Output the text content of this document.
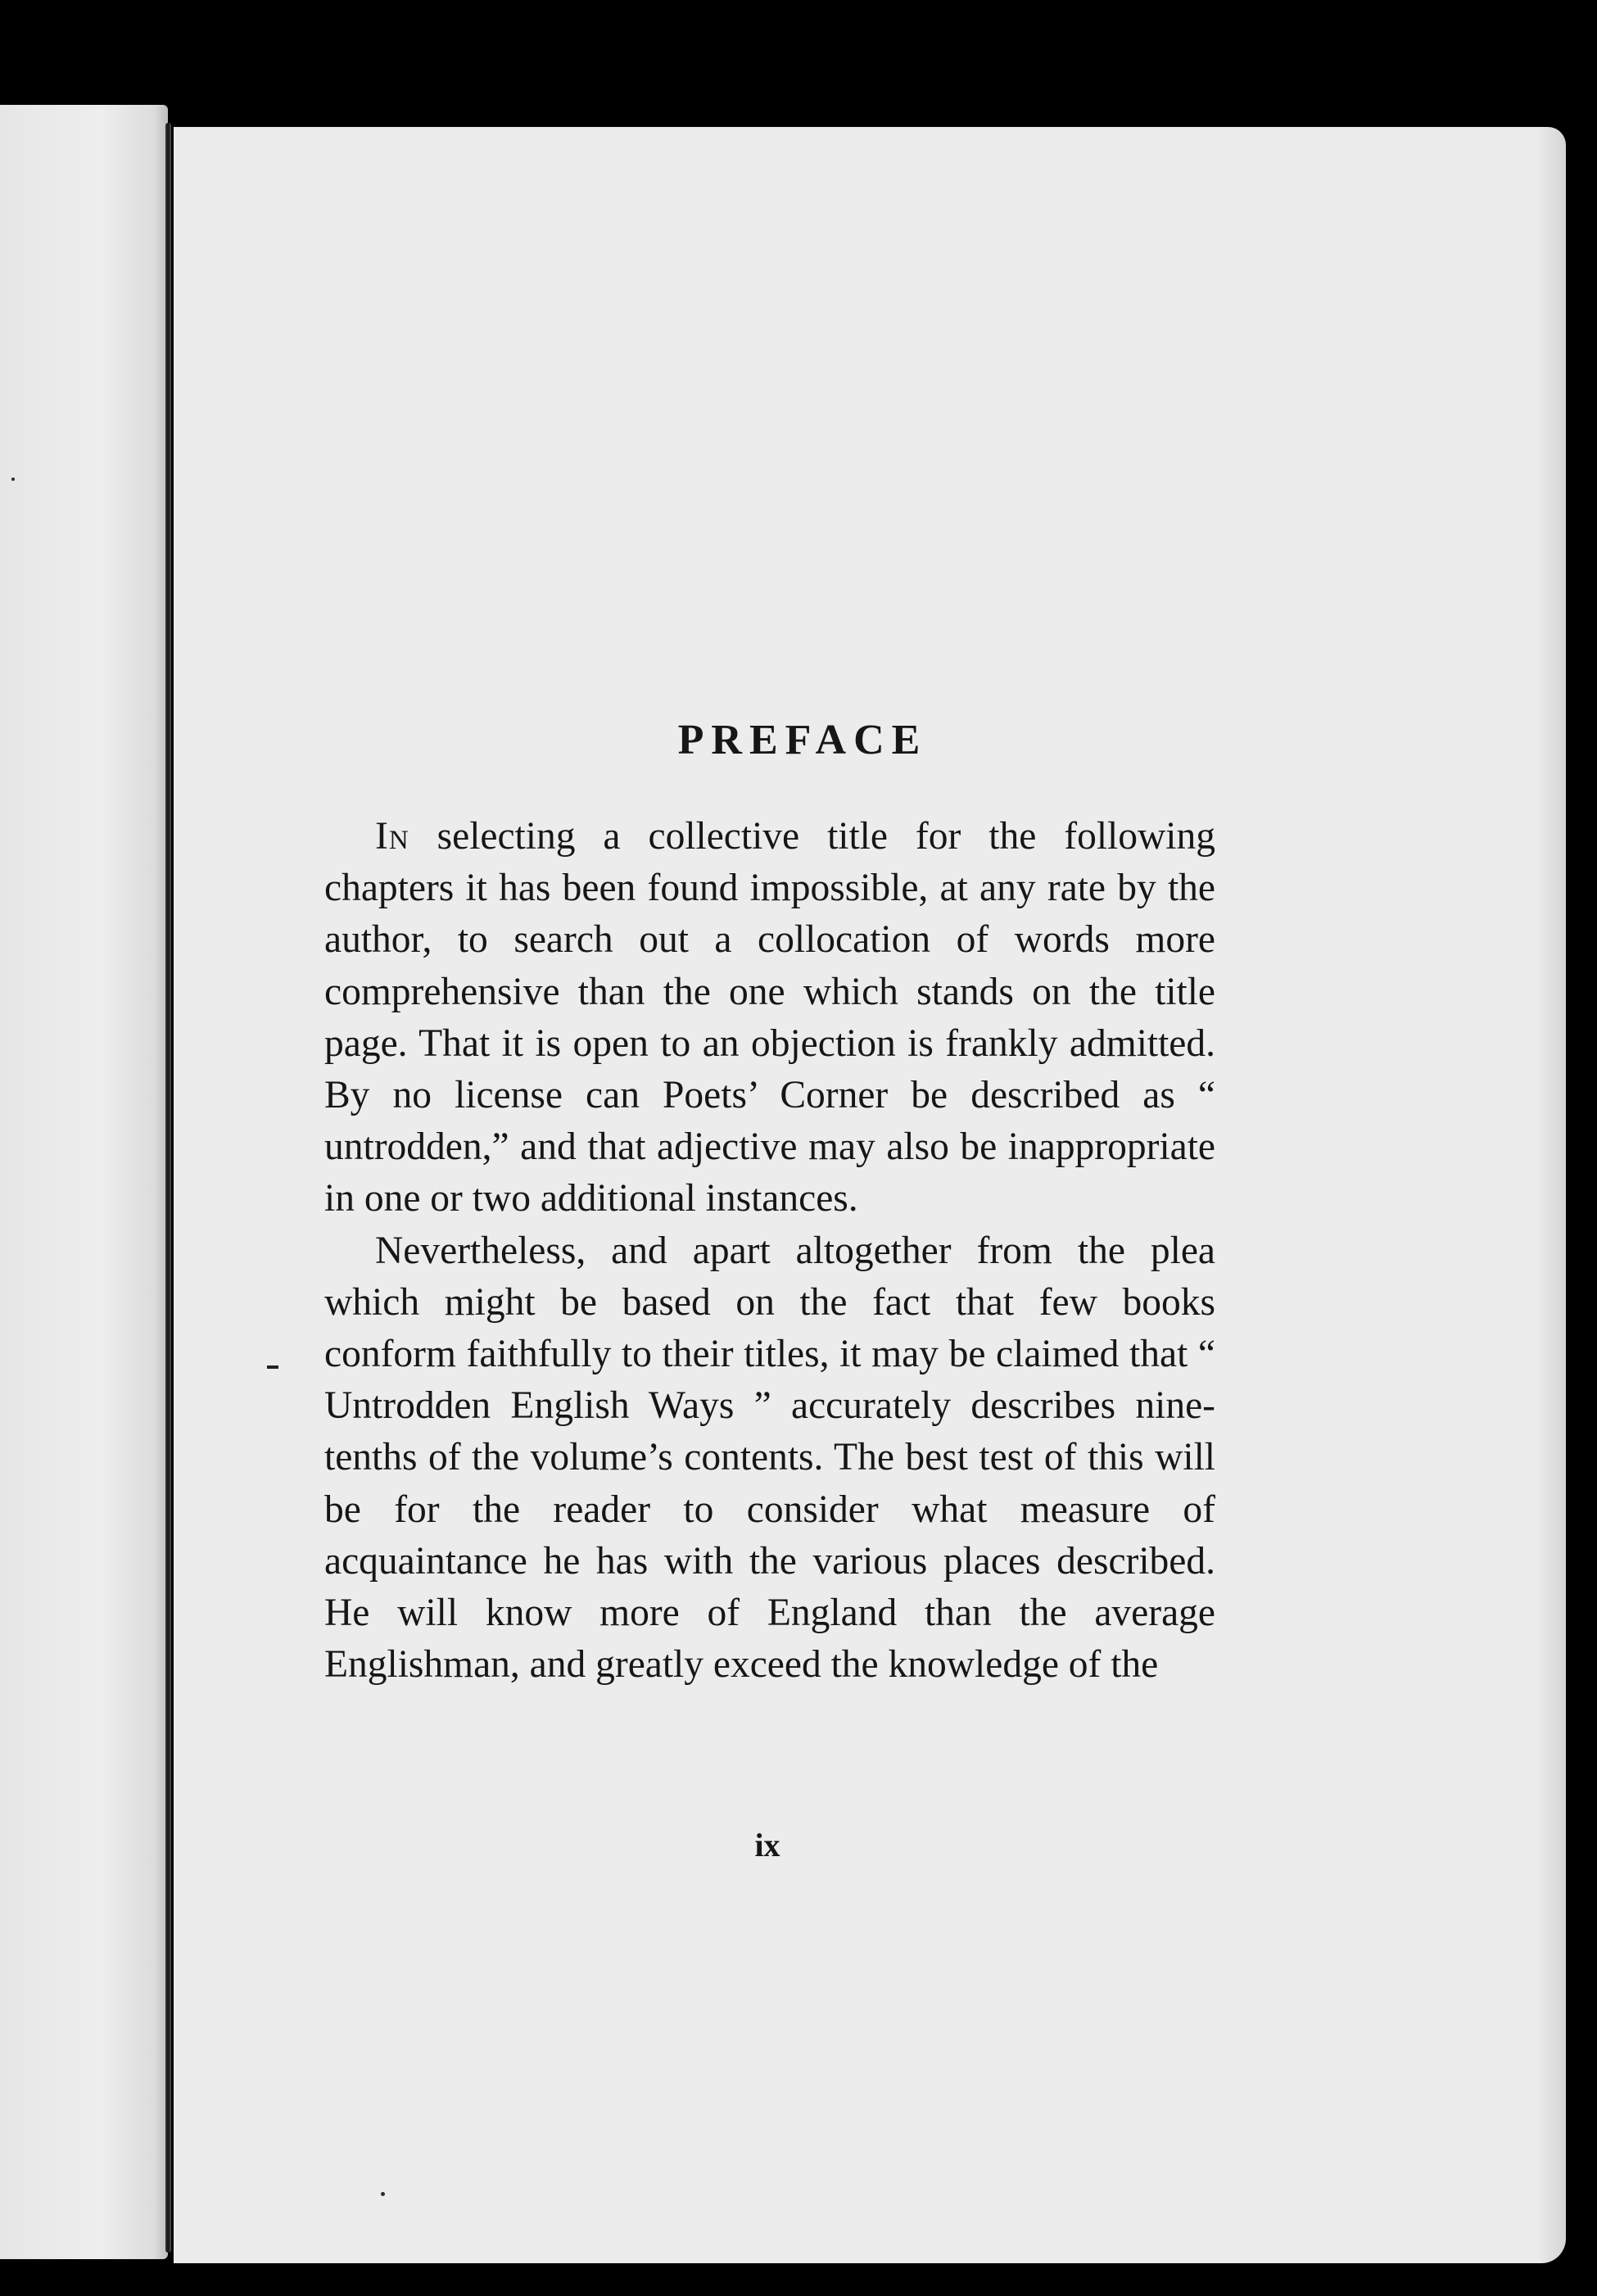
PREFACE

In selecting a collective title for the following chapters it has been found impossible, at any rate by the author, to search out a collocation of words more comprehensive than the one which stands on the title page. That it is open to an objection is frankly admitted. By no license can Poets’ Corner be described as “ untrodden,” and that adjective may also be inappropriate in one or two additional instances.

Nevertheless, and apart altogether from the plea which might be based on the fact that few books conform faithfully to their titles, it may be claimed that “ Untrodden English Ways ” accurately describes nine-tenths of the volume’s contents. The best test of this will be for the reader to consider what measure of acquaintance he has with the various places described. He will know more of England than the average Englishman, and greatly exceed the knowledge of the

ix
